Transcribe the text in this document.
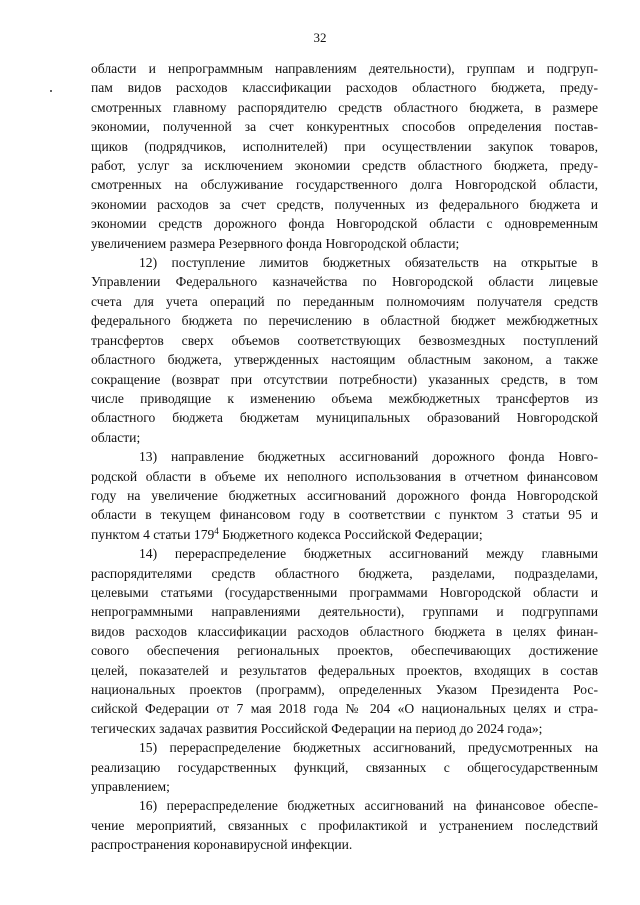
32
области и непрограммным направлениям деятельности), группам и подгруп-
пам видов расходов классификации расходов областного бюджета, преду-
смотренных главному распорядителю средств областного бюджета, в размере
экономии, полученной за счет конкурентных способов определения постав-
щиков (подрядчиков, исполнителей) при осуществлении закупок товаров,
работ, услуг за исключением экономии средств областного бюджета, преду-
смотренных на обслуживание государственного долга Новгородской области,
экономии расходов за счет средств, полученных из федерального бюджета и
экономии средств дорожного фонда Новгородской области с одновременным
увеличением размера Резервного фонда Новгородской области;
12) поступление лимитов бюджетных обязательств на открытые в
Управлении Федерального казначейства по Новгородской области лицевые
счета для учета операций по переданным полномочиям получателя средств
федерального бюджета по перечислению в областной бюджет межбюджетных
трансфертов сверх объемов соответствующих безвозмездных поступлений
областного бюджета, утвержденных настоящим областным законом, а также
сокращение (возврат при отсутствии потребности) указанных средств, в том
числе приводящие к изменению объема межбюджетных трансфертов из
областного бюджета бюджетам муниципальных образований Новгородской
области;
13) направление бюджетных ассигнований дорожного фонда Новго-
родской области в объеме их неполного использования в отчетном финансовом
году на увеличение бюджетных ассигнований дорожного фонда Новгородской
области в текущем финансовом году в соответствии с пунктом 3 статьи 95 и
пунктом 4 статьи $179^4$ Бюджетного кодекса Российской Федерации;
14) перераспределение бюджетных ассигнований между главными
распорядителями средств областного бюджета, разделами, подразделами,
целевыми статьями (государственными программами Новгородской области и
непрограммными направлениями деятельности), группами и подгруппами
видов расходов классификации расходов областного бюджета в целях финан-
сового обеспечения региональных проектов, обеспечивающих достижение
целей, показателей и результатов федеральных проектов, входящих в состав
национальных проектов (программ), определенных Указом Президента Рос-
сийской Федерации от 7 мая 2018 года № 204 «О национальных целях и стра-
тегических задачах развития Российской Федерации на период до 2024 года»;
15) перераспределение бюджетных ассигнований, предусмотренных на
реализацию государственных функций, связанных с общегосударственным
управлением;
16) перераспределение бюджетных ассигнований на финансовое обеспе-
чение мероприятий, связанных с профилактикой и устранением последствий
распространения коронавирусной инфекции.
